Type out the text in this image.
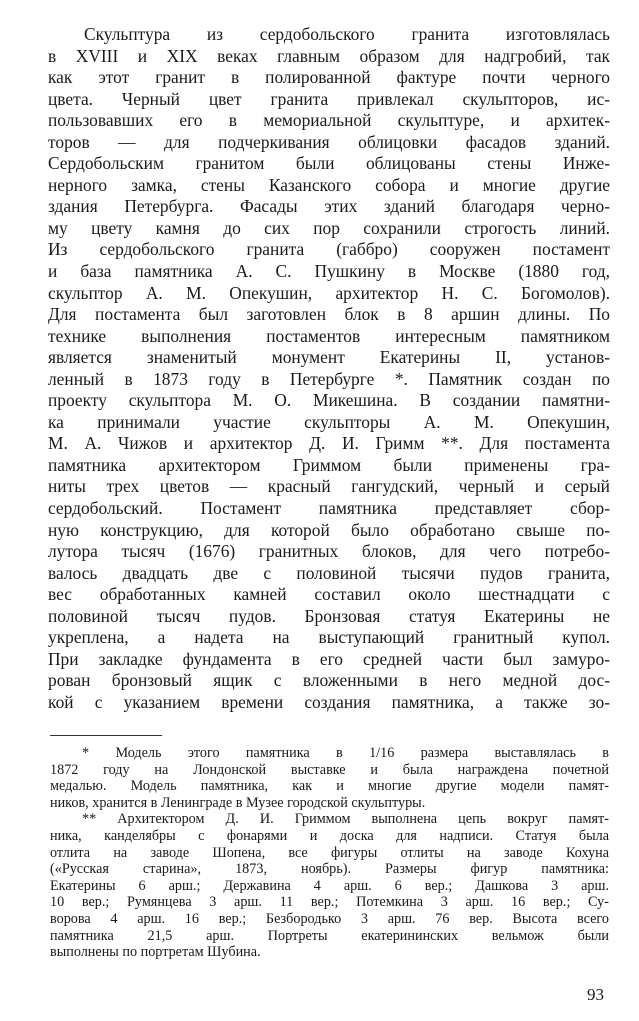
Скульптура из сердобольского гранита изготовлялась
в XVIII и XIX веках главным образом для надгробий, так
как этот гранит в полированной фактуре почти черного
цвета. Черный цвет гранита привлекал скульпторов, ис-
пользовавших его в мемориальной скульптуре, и архитек-
торов — для подчеркивания облицовки фасадов зданий.
Сердобольским гранитом были облицованы стены Инже-
нерного замка, стены Казанского собора и многие другие
здания Петербурга. Фасады этих зданий благодаря черно-
му цвету камня до сих пор сохранили строгость линий.
Из сердобольского гранита (габбро) сооружен постамент
и база памятника А. С. Пушкину в Москве (1880 год,
скульптор А. М. Опекушин, архитектор Н. С. Богомолов).
Для постамента был заготовлен блок в 8 аршин длины. По
технике выполнения постаментов интересным памятником
является знаменитый монумент Екатерины II, установ-
ленный в 1873 году в Петербурге *. Памятник создан по
проекту скульптора М. О. Микешина. В создании памятни-
ка принимали участие скульпторы А. М. Опекушин,
М. А. Чижов и архитектор Д. И. Гримм **. Для постамента
памятника архитектором Гриммом были применены гра-
ниты трех цветов — красный гангудский, черный и серый
сердобольский. Постамент памятника представляет сбор-
ную конструкцию, для которой было обработано свыше по-
лутора тысяч (1676) гранитных блоков, для чего потребо-
валось двадцать две с половиной тысячи пудов гранита,
вес обработанных камней составил около шестнадцати с
половиной тысяч пудов. Бронзовая статуя Екатерины не
укреплена, а надета на выступающий гранитный купол.
При закладке фундамента в его средней части был замуро-
рован бронзовый ящик с вложенными в него медной дос-
кой с указанием времени создания памятника, а также зо-

* Модель этого памятника в 1/16 размера выставлялась в
1872 году на Лондонской выставке и была награждена почетной
медалью. Модель памятника, как и многие другие модели памят-
ников, хранится в Ленинграде в Музее городской скульптуры.
** Архитектором Д. И. Гриммом выполнена цепь вокруг памят-
ника, канделябры с фонарями и доска для надписи. Статуя была
отлита на заводе Шопена, все фигуры отлиты на заводе Кохуна
(«Русская старина», 1873, ноябрь). Размеры фигур памятника:
Екатерины 6 арш.; Державина 4 арш. 6 вер.; Дашкова 3 арш.
10 вер.; Румянцева 3 арш. 11 вер.; Потемкина 3 арш. 16 вер.; Су-
ворова 4 арш. 16 вер.; Безбородько 3 арш. 76 вер. Высота всего
памятника 21,5 арш. Портреты екатерининских вельмож были
выполнены по портретам Шубина.
93
